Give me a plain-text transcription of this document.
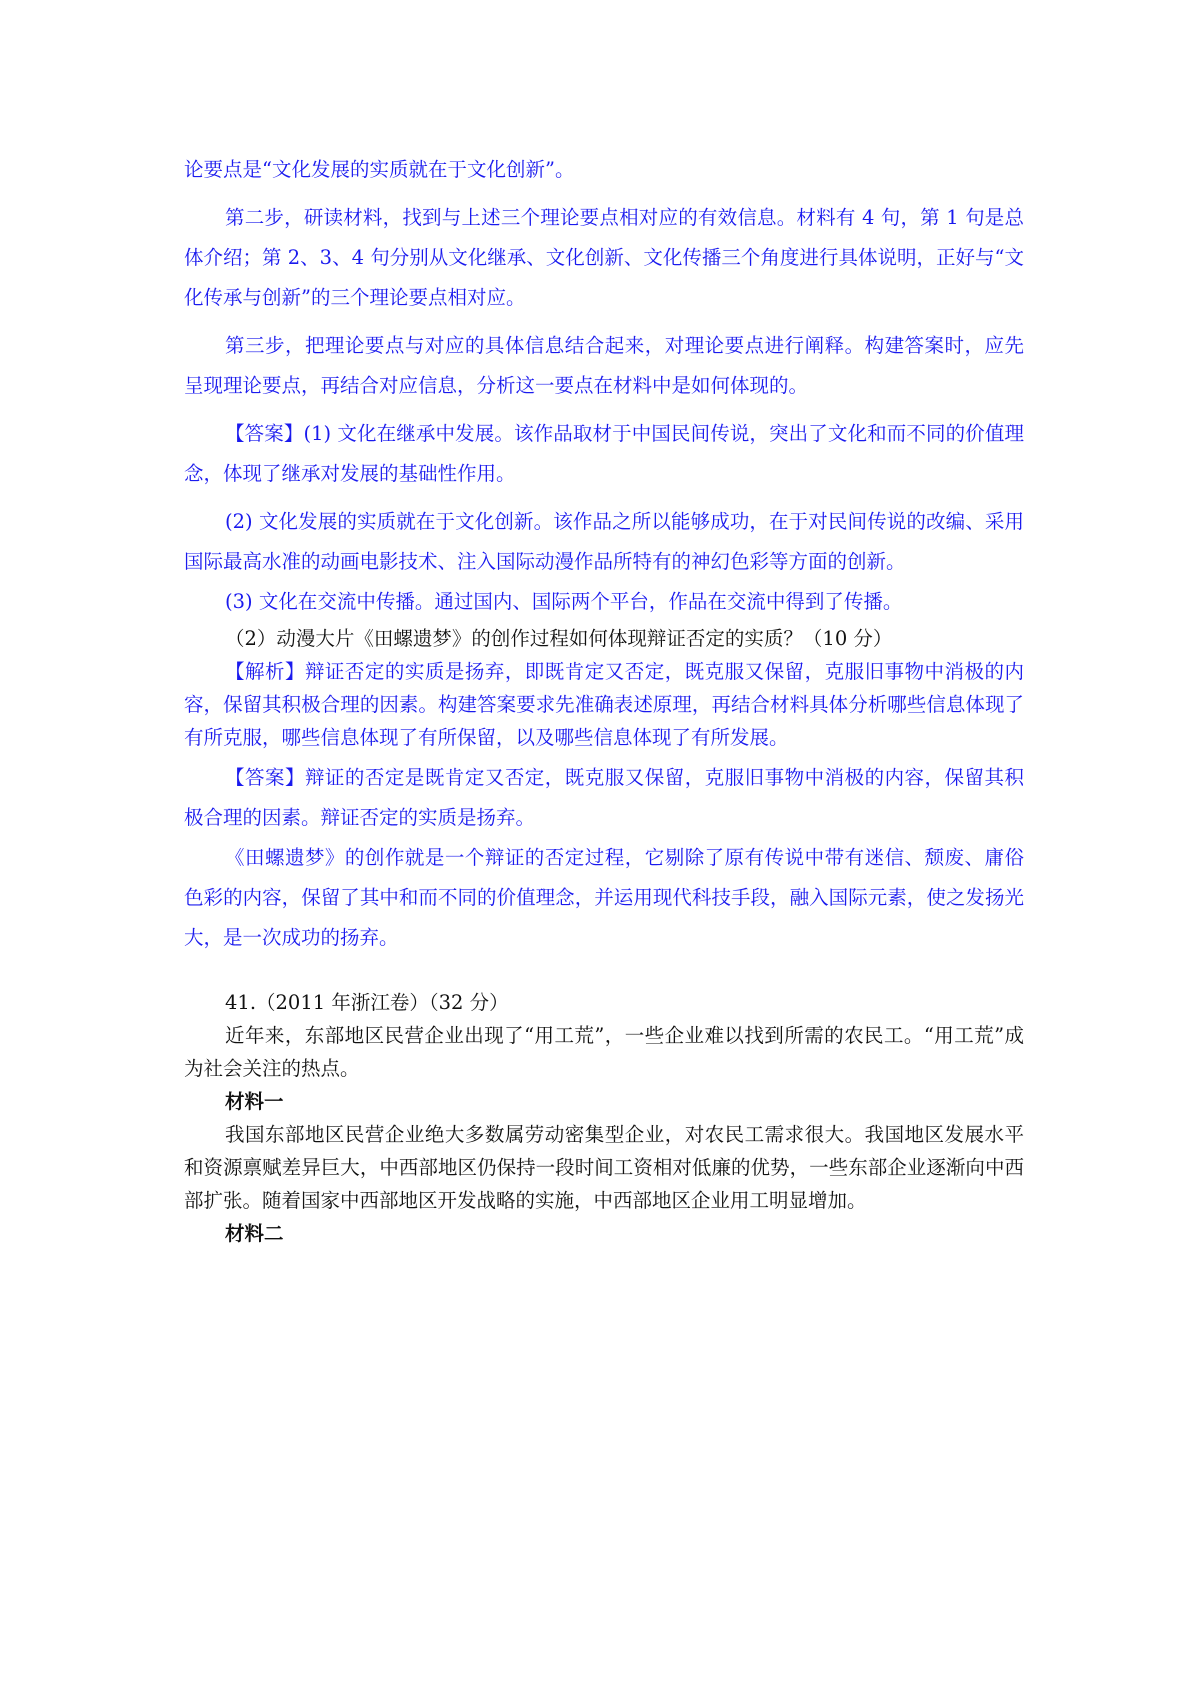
论要点是“文化发展的实质就在于文化创新”。

第二步，研读材料，找到与上述三个理论要点相对应的有效信息。材料有 4 句，第 1 句是总体介绍；第 2、3、4 句分别从文化继承、文化创新、文化传播三个角度进行具体说明，正好与“文化传承与创新”的三个理论要点相对应。

第三步，把理论要点与对应的具体信息结合起来，对理论要点进行阐释。构建答案时，应先呈现理论要点，再结合对应信息，分析这一要点在材料中是如何体现的。

【答案】(1) 文化在继承中发展。该作品取材于中国民间传说，突出了文化和而不同的价值理念，体现了继承对发展的基础性作用。

(2) 文化发展的实质就在于文化创新。该作品之所以能够成功，在于对民间传说的改编、采用国际最高水准的动画电影技术、注入国际动漫作品所特有的神幻色彩等方面的创新。

(3) 文化在交流中传播。通过国内、国际两个平台，作品在交流中得到了传播。

（2）动漫大片《田螺遗梦》的创作过程如何体现辩证否定的实质？（10 分）

【解析】辩证否定的实质是扬弃，即既肯定又否定，既克服又保留，克服旧事物中消极的内容，保留其积极合理的因素。构建答案要求先准确表述原理，再结合材料具体分析哪些信息体现了有所克服，哪些信息体现了有所保留，以及哪些信息体现了有所发展。

【答案】辩证的否定是既肯定又否定，既克服又保留，克服旧事物中消极的内容，保留其积极合理的因素。辩证否定的实质是扬弃。

《田螺遗梦》的创作就是一个辩证的否定过程，它剔除了原有传说中带有迷信、颓废、庸俗色彩的内容，保留了其中和而不同的价值理念，并运用现代科技手段，融入国际元素，使之发扬光大，是一次成功的扬弃。

41.（2011 年浙江卷）（32 分）

近年来，东部地区民营企业出现了“用工荒”，一些企业难以找到所需的农民工。“用工荒”成为社会关注的热点。

材料一

我国东部地区民营企业绝大多数属劳动密集型企业，对农民工需求很大。我国地区发展水平和资源禀赋差异巨大，中西部地区仍保持一段时间工资相对低廉的优势，一些东部企业逐渐向中西部扩张。随着国家中西部地区开发战略的实施，中西部地区企业用工明显增加。

材料二
